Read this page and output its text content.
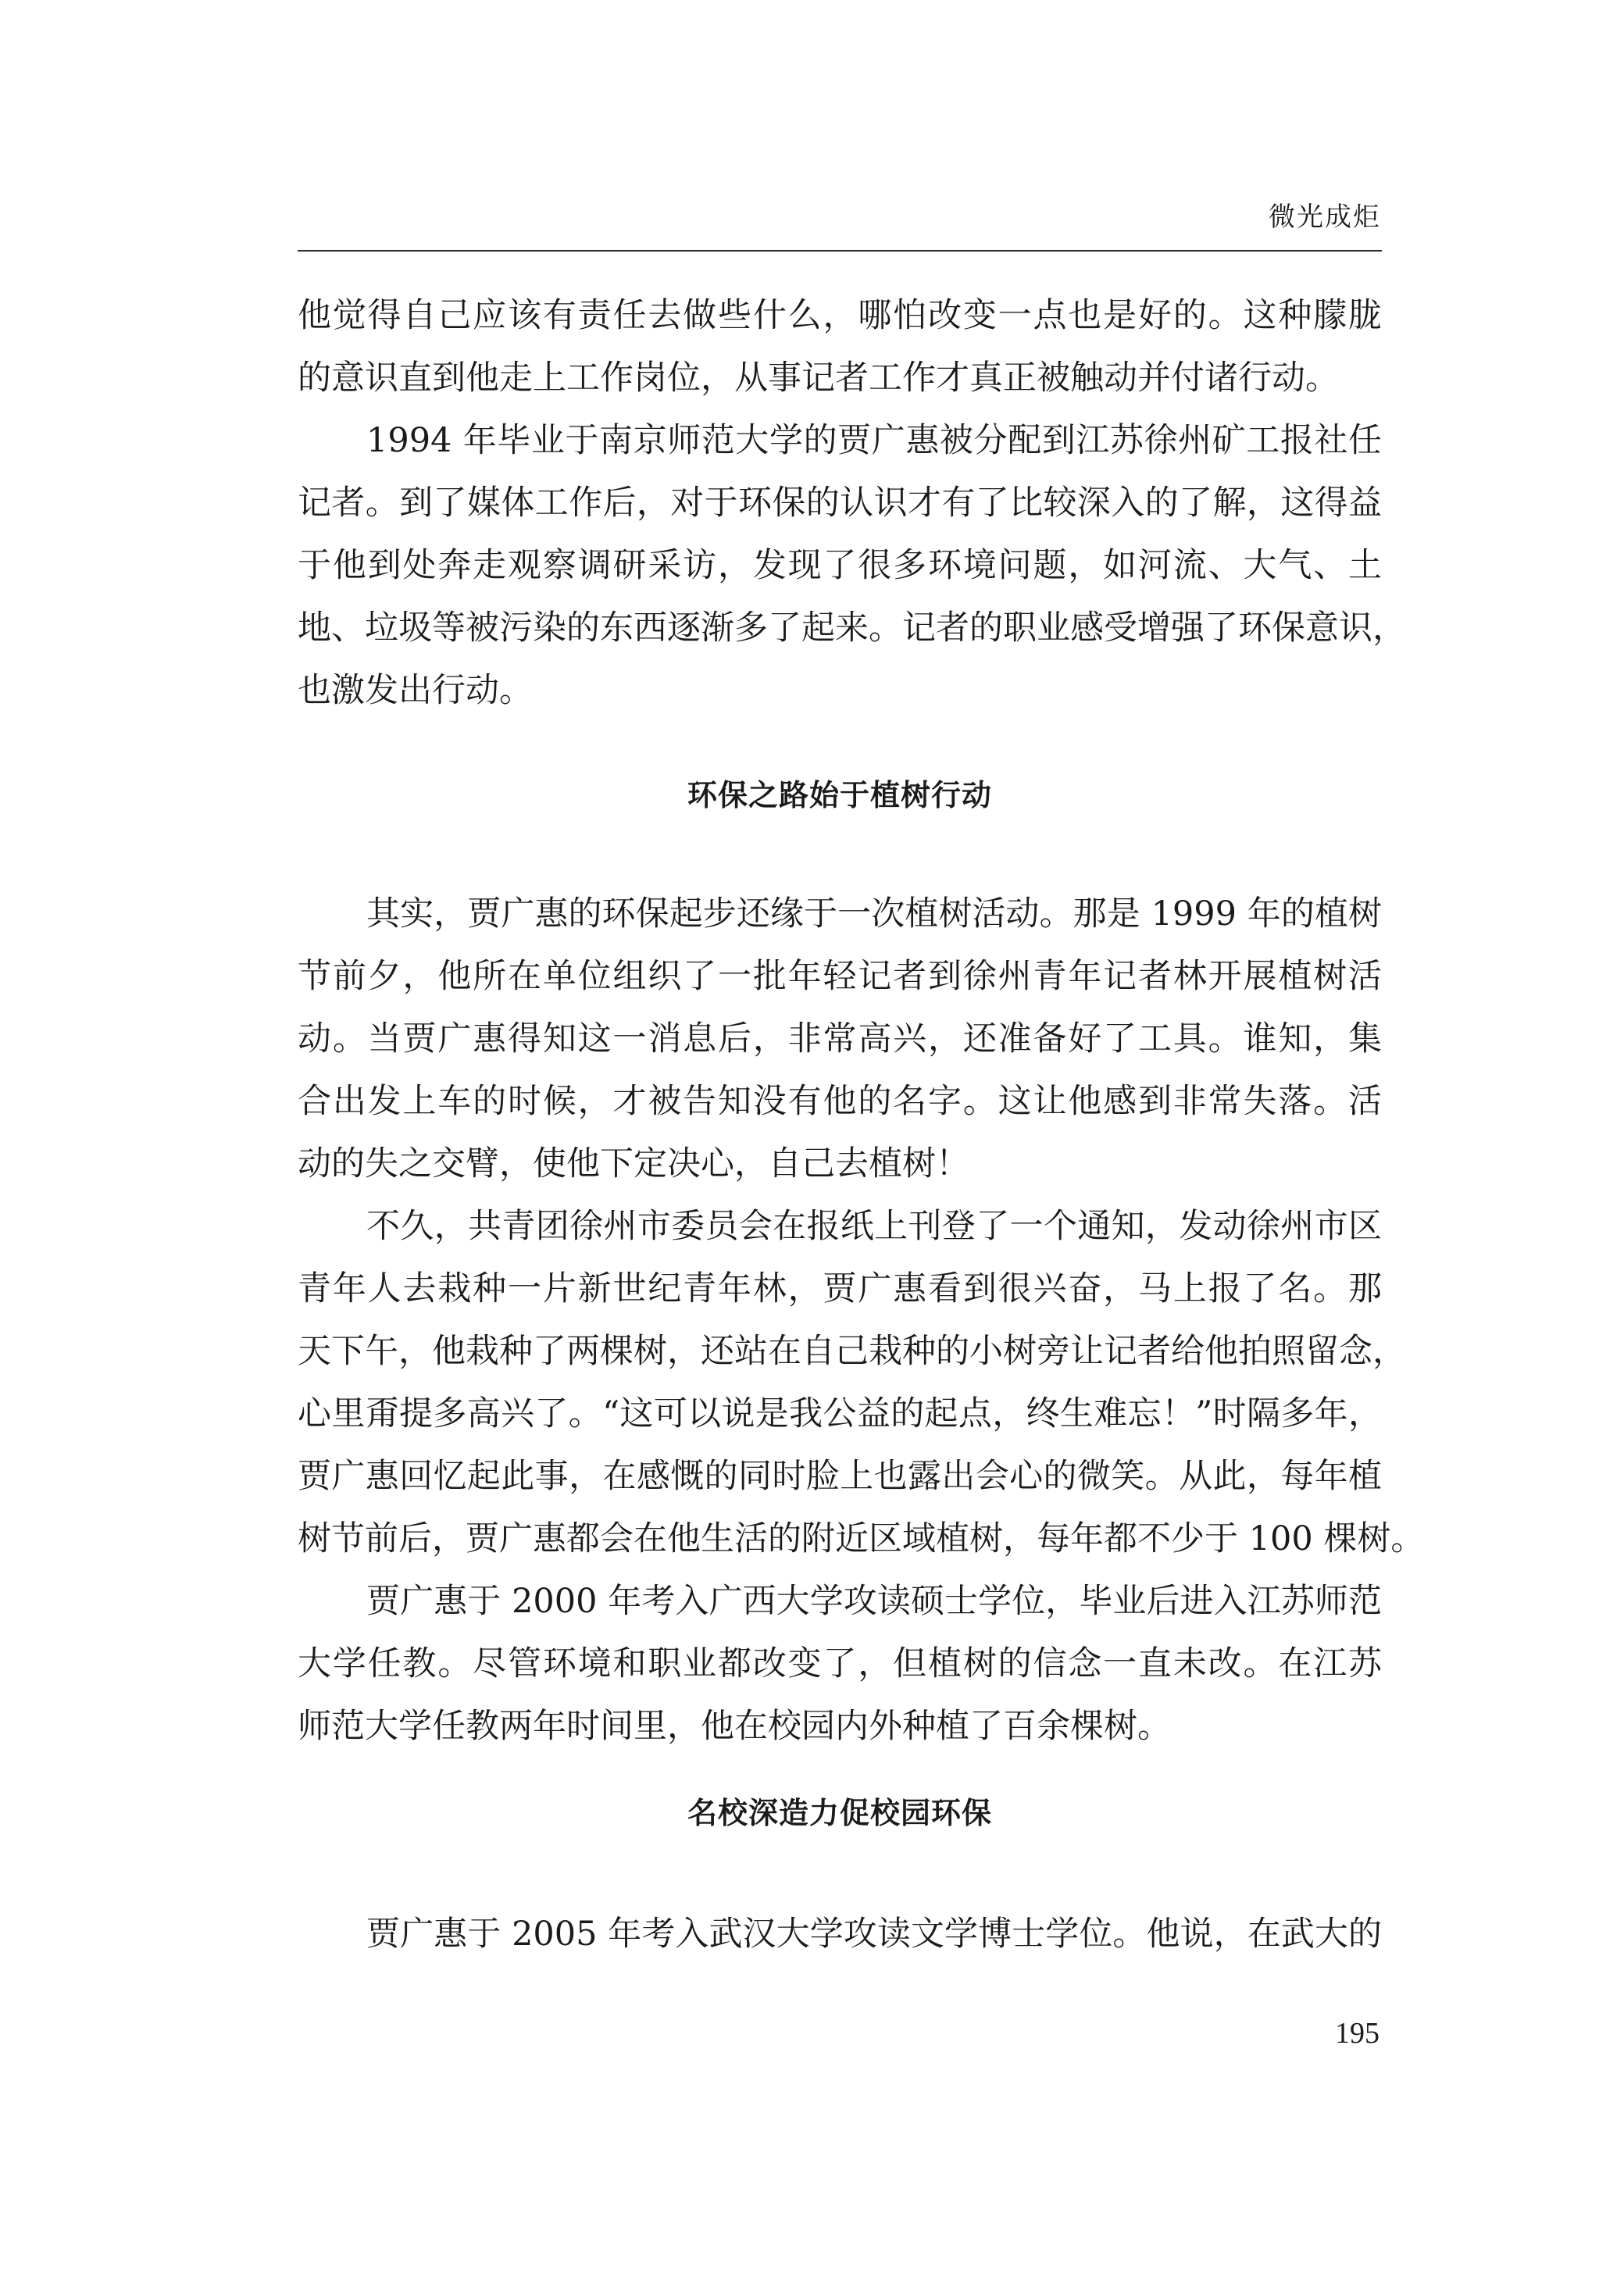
微光成炬
他觉得自己应该有责任去做些什么，哪怕改变一点也是好的。这种朦胧
的意识直到他走上工作岗位，从事记者工作才真正被触动并付诸行动。
1994 年毕业于南京师范大学的贾广惠被分配到江苏徐州矿工报社任
记者。到了媒体工作后，对于环保的认识才有了比较深入的了解，这得益
于他到处奔走观察调研采访，发现了很多环境问题，如河流、大气、土
地、垃圾等被污染的东西逐渐多了起来。记者的职业感受增强了环保意识，
也激发出行动。
环保之路始于植树行动
其实，贾广惠的环保起步还缘于一次植树活动。那是 1999 年的植树
节前夕，他所在单位组织了一批年轻记者到徐州青年记者林开展植树活
动。当贾广惠得知这一消息后，非常高兴，还准备好了工具。谁知，集
合出发上车的时候，才被告知没有他的名字。这让他感到非常失落。活
动的失之交臂，使他下定决心，自己去植树！
不久，共青团徐州市委员会在报纸上刊登了一个通知，发动徐州市区
青年人去栽种一片新世纪青年林，贾广惠看到很兴奋，马上报了名。那
天下午，他栽种了两棵树，还站在自己栽种的小树旁让记者给他拍照留念，
心里甭提多高兴了。“这可以说是我公益的起点，终生难忘！”时隔多年，
贾广惠回忆起此事，在感慨的同时脸上也露出会心的微笑。从此，每年植
树节前后，贾广惠都会在他生活的附近区域植树，每年都不少于 100 棵树。
贾广惠于 2000 年考入广西大学攻读硕士学位，毕业后进入江苏师范
大学任教。尽管环境和职业都改变了，但植树的信念一直未改。在江苏
师范大学任教两年时间里，他在校园内外种植了百余棵树。
名校深造力促校园环保
贾广惠于 2005 年考入武汉大学攻读文学博士学位。他说，在武大的
195
